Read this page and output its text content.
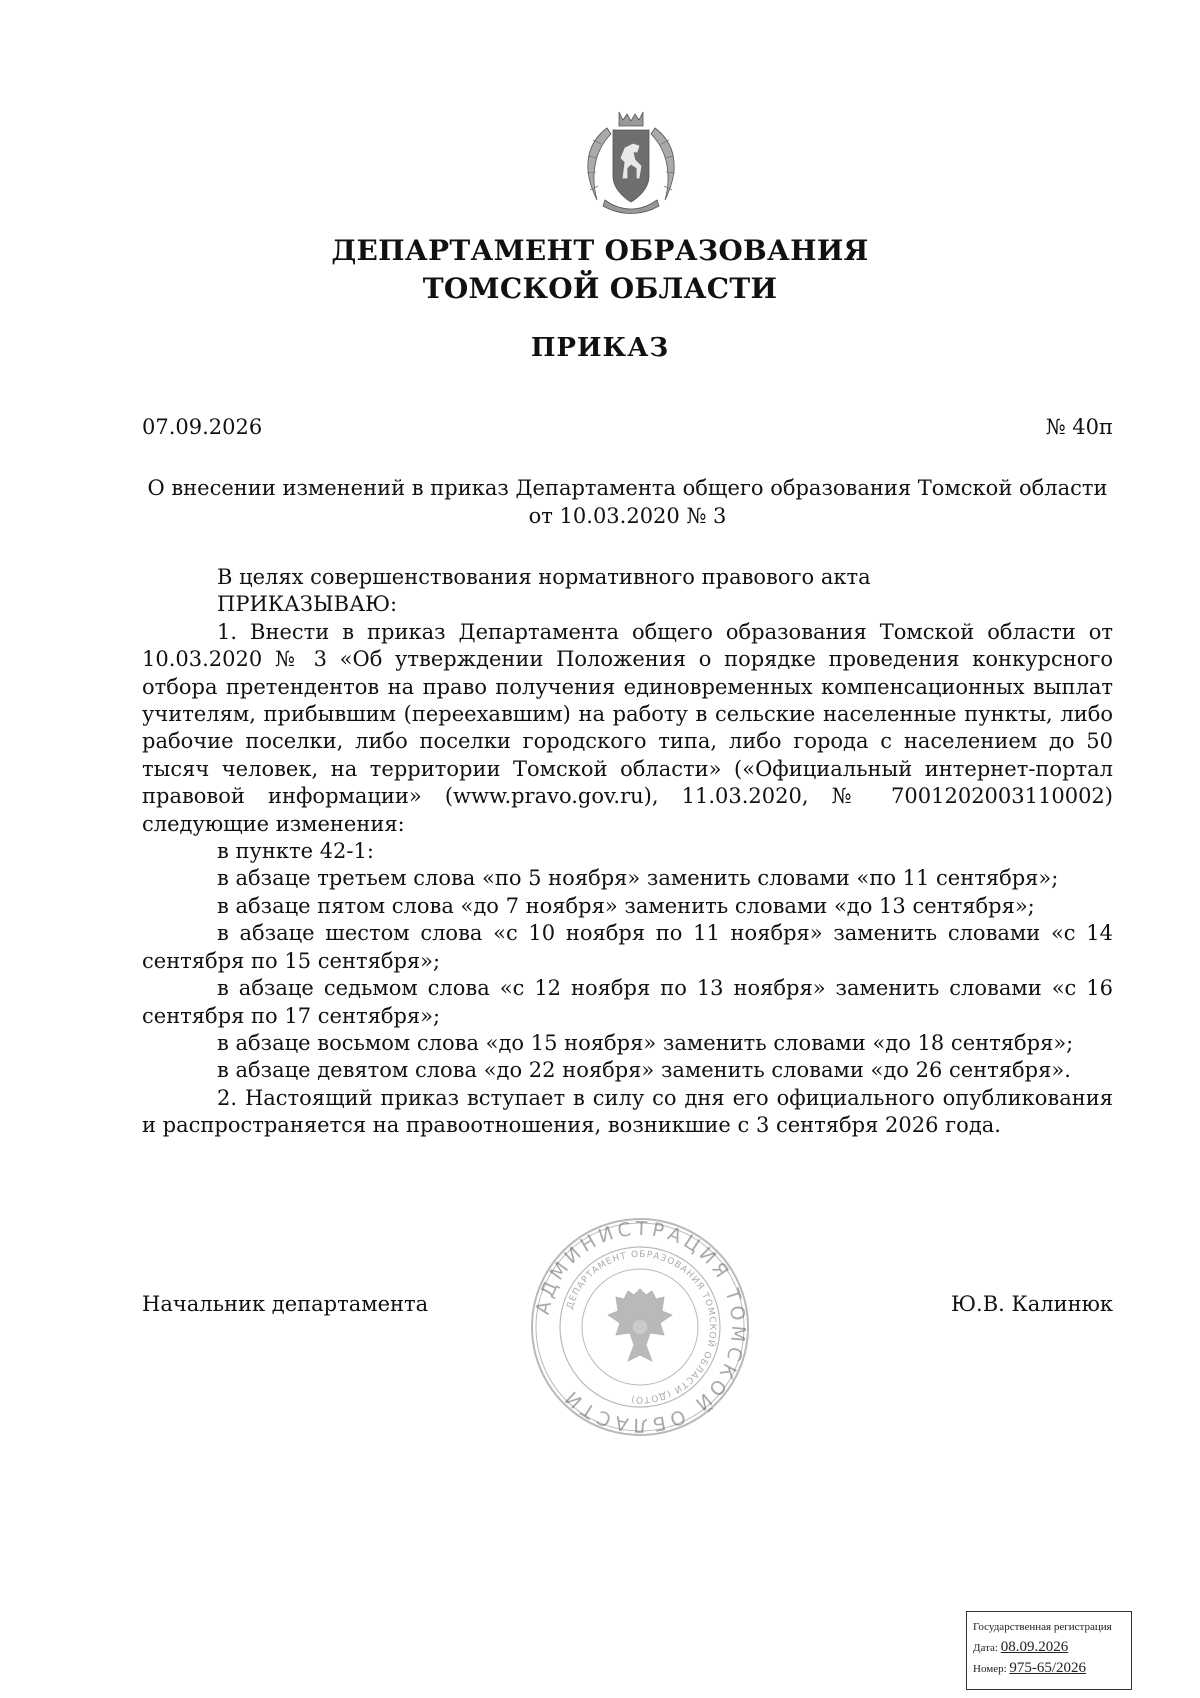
ДЕПАРТАМЕНТ ОБРАЗОВАНИЯ
ТОМСКОЙ ОБЛАСТИ
ПРИКАЗ
07.09.2026	№ 40п
О внесении изменений в приказ Департамента общего образования Томской области
от 10.03.2020 № 3

В целях совершенствования нормативного правового акта

ПРИКАЗЫВАЮ:

1. Внести в приказ Департамента общего образования Томской области от 10.03.2020 № 3 «Об утверждении Положения о порядке проведения конкурсного отбора претендентов на право получения единовременных компенсационных выплат учителям, прибывшим (переехавшим) на работу в сельские населенные пункты, либо рабочие поселки, либо поселки городского типа, либо города с населением до 50 тысяч человек, на территории Томской области» («Официальный интернет-портал правовой информации» (www.pravo.gov.ru), 11.03.2020, № 7001202003110002) следующие изменения:

в пункте 42-1:

в абзаце третьем слова «по 5 ноября» заменить словами «по 11 сентября»;

в абзаце пятом слова «до 7 ноября» заменить словами «до 13 сентября»;

в абзаце шестом слова «с 10 ноября по 11 ноября» заменить словами «с 14 сентября по 15 сентября»;

в абзаце седьмом слова «с 12 ноября по 13 ноября» заменить словами «с 16 сентября по 17 сентября»;

в абзаце восьмом слова «до 15 ноября» заменить словами «до 18 сентября»;

в абзаце девятом слова «до 22 ноября» заменить словами «до 26 сентября».

2. Настоящий приказ вступает в силу со дня его официального опубликования и распространяется на правоотношения, возникшие с 3 сентября 2026 года.

Начальник департамента	Ю.В. Калинюк
АДМИНИСТРАЦИЯ ТОМСКОЙ ОБЛАСТИ
ДЕПАРТАМЕНТ ОБРАЗОВАНИЯ ТОМСКОЙ ОБЛАСТИ (ДОТО)
Государственная регистрация
Дата: 08.09.2026
Номер: 975-65/2026
